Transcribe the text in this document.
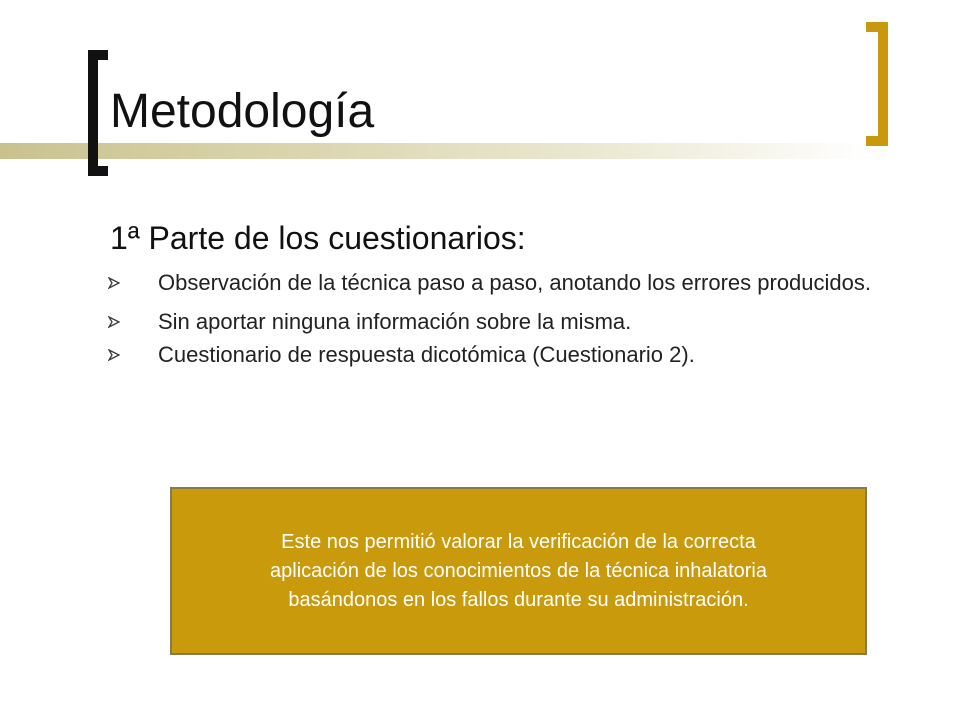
Metodología
1ª Parte de los cuestionarios:
Observación de la técnica paso a paso, anotando los errores producidos.
Sin aportar ninguna información sobre la misma.
Cuestionario de respuesta dicotómica (Cuestionario 2).

Este nos permitió valorar la verificación de la correcta
aplicación de los conocimientos de la técnica inhalatoria
basándonos en los fallos durante su administración.
